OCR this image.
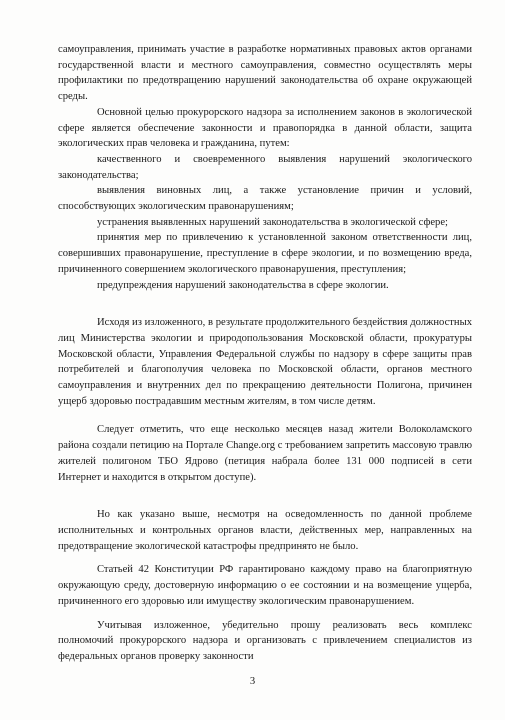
самоуправления, принимать участие в разработке нормативных правовых актов органами государственной власти и местного самоуправления, совместно осуществлять меры профилактики по предотвращению нарушений законодательства об охране окружающей среды.

Основной целью прокурорского надзора за исполнением законов в экологической сфере является обеспечение законности и правопорядка в данной области, защита экологических прав человека и гражданина, путем:

качественного и своевременного выявления нарушений экологического законодательства;

выявления виновных лиц, а также установление причин и условий, способствующих экологическим правонарушениям;

устранения выявленных нарушений законодательства в экологической сфере;

принятия мер по привлечению к установленной законом ответственности лиц, совершивших правонарушение, преступление в сфере экологии, и по возмещению вреда, причиненного совершением экологического правонарушения, преступления;

предупреждения нарушений законодательства в сфере экологии.

Исходя из изложенного, в результате продолжительного бездействия должностных лиц Министерства экологии и природопользования Московской области, прокуратуры Московской области, Управления Федеральной службы по надзору в сфере защиты прав потребителей и благополучия человека по Московской области, органов местного самоуправления и внутренних дел по прекращению деятельности Полигона, причинен ущерб здоровью пострадавшим местным жителям, в том числе детям.

Следует отметить, что еще несколько месяцев назад жители Волоколамского района создали петицию на Портале Change.org с требованием запретить массовую травлю жителей полигоном ТБО Ядрово (петиция набрала более 131 000 подписей в сети Интернет и находится в открытом доступе).

Но как указано выше, несмотря на осведомленность по данной проблеме исполнительных и контрольных органов власти, действенных мер, направленных на предотвращение экологической катастрофы предпринято не было.

Статьей 42 Конституции РФ гарантировано каждому право на благоприятную окружающую среду, достоверную информацию о ее состоянии и на возмещение ущерба, причиненного его здоровью или имуществу экологическим правонарушением.

Учитывая изложенное, убедительно прошу реализовать весь комплекс полномочий прокурорского надзора и организовать с привлечением специалистов из федеральных органов проверку законности

3
